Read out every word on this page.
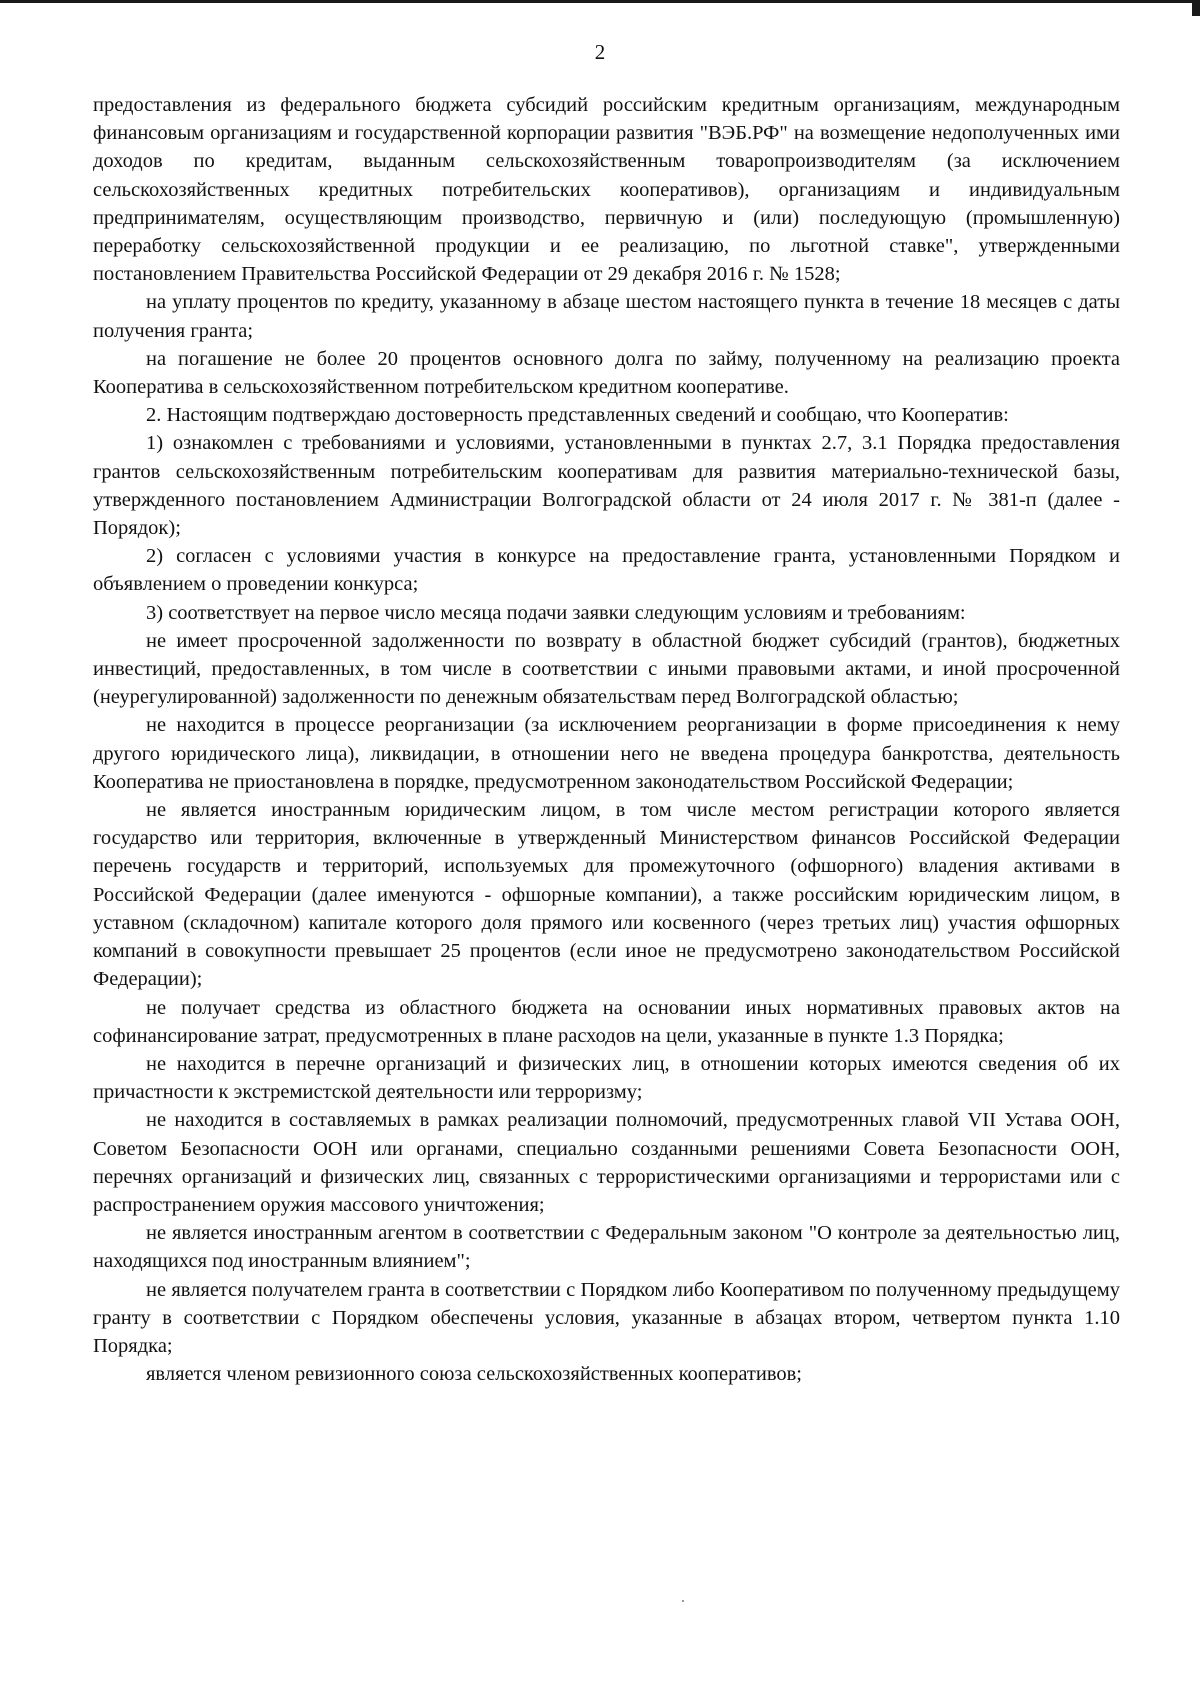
2

предоставления из федерального бюджета субсидий российским кредитным организациям, международным финансовым организациям и государственной корпорации развития "ВЭБ.РФ" на возмещение недополученных ими доходов по кредитам, выданным сельскохозяйственным товаропроизводителям (за исключением сельскохозяйственных кредитных потребительских кооперативов), организациям и индивидуальным предпринимателям, осуществляющим производство, первичную и (или) последующую (промышленную) переработку сельскохозяйственной продукции и ее реализацию, по льготной ставке", утвержденными постановлением Правительства Российской Федерации от 29 декабря 2016 г. № 1528;

на уплату процентов по кредиту, указанному в абзаце шестом настоящего пункта в течение 18 месяцев с даты получения гранта;

на погашение не более 20 процентов основного долга по займу, полученному на реализацию проекта Кооператива в сельскохозяйственном потребительском кредитном кооперативе.

2. Настоящим подтверждаю достоверность представленных сведений и сообщаю, что Кооператив:

1) ознакомлен с требованиями и условиями, установленными в пунктах 2.7, 3.1 Порядка предоставления грантов сельскохозяйственным потребительским кооперативам для развития материально-технической базы, утвержденного постановлением Администрации Волгоградской области от 24 июля 2017 г. № 381-п (далее - Порядок);

2) согласен с условиями участия в конкурсе на предоставление гранта, установленными Порядком и объявлением о проведении конкурса;

3) соответствует на первое число месяца подачи заявки следующим условиям и требованиям:

не имеет просроченной задолженности по возврату в областной бюджет субсидий (грантов), бюджетных инвестиций, предоставленных, в том числе в соответствии с иными правовыми актами, и иной просроченной (неурегулированной) задолженности по денежным обязательствам перед Волгоградской областью;

не находится в процессе реорганизации (за исключением реорганизации в форме присоединения к нему другого юридического лица), ликвидации, в отношении него не введена процедура банкротства, деятельность Кооператива не приостановлена в порядке, предусмотренном законодательством Российской Федерации;

не является иностранным юридическим лицом, в том числе местом регистрации которого является государство или территория, включенные в утвержденный Министерством финансов Российской Федерации перечень государств и территорий, используемых для промежуточного (офшорного) владения активами в Российской Федерации (далее именуются - офшорные компании), а также российским юридическим лицом, в уставном (складочном) капитале которого доля прямого или косвенного (через третьих лиц) участия офшорных компаний в совокупности превышает 25 процентов (если иное не предусмотрено законодательством Российской Федерации);

не получает средства из областного бюджета на основании иных нормативных правовых актов на софинансирование затрат, предусмотренных в плане расходов на цели, указанные в пункте 1.3 Порядка;

не находится в перечне организаций и физических лиц, в отношении которых имеются сведения об их причастности к экстремистской деятельности или терроризму;

не находится в составляемых в рамках реализации полномочий, предусмотренных главой VII Устава ООН, Советом Безопасности ООН или органами, специально созданными решениями Совета Безопасности ООН, перечнях организаций и физических лиц, связанных с террористическими организациями и террористами или с распространением оружия массового уничтожения;

не является иностранным агентом в соответствии с Федеральным законом "О контроле за деятельностью лиц, находящихся под иностранным влиянием";

не является получателем гранта в соответствии с Порядком либо Кооперативом по полученному предыдущему гранту в соответствии с Порядком обеспечены условия, указанные в абзацах втором, четвертом пункта 1.10 Порядка;

является членом ревизионного союза сельскохозяйственных кооперативов;
